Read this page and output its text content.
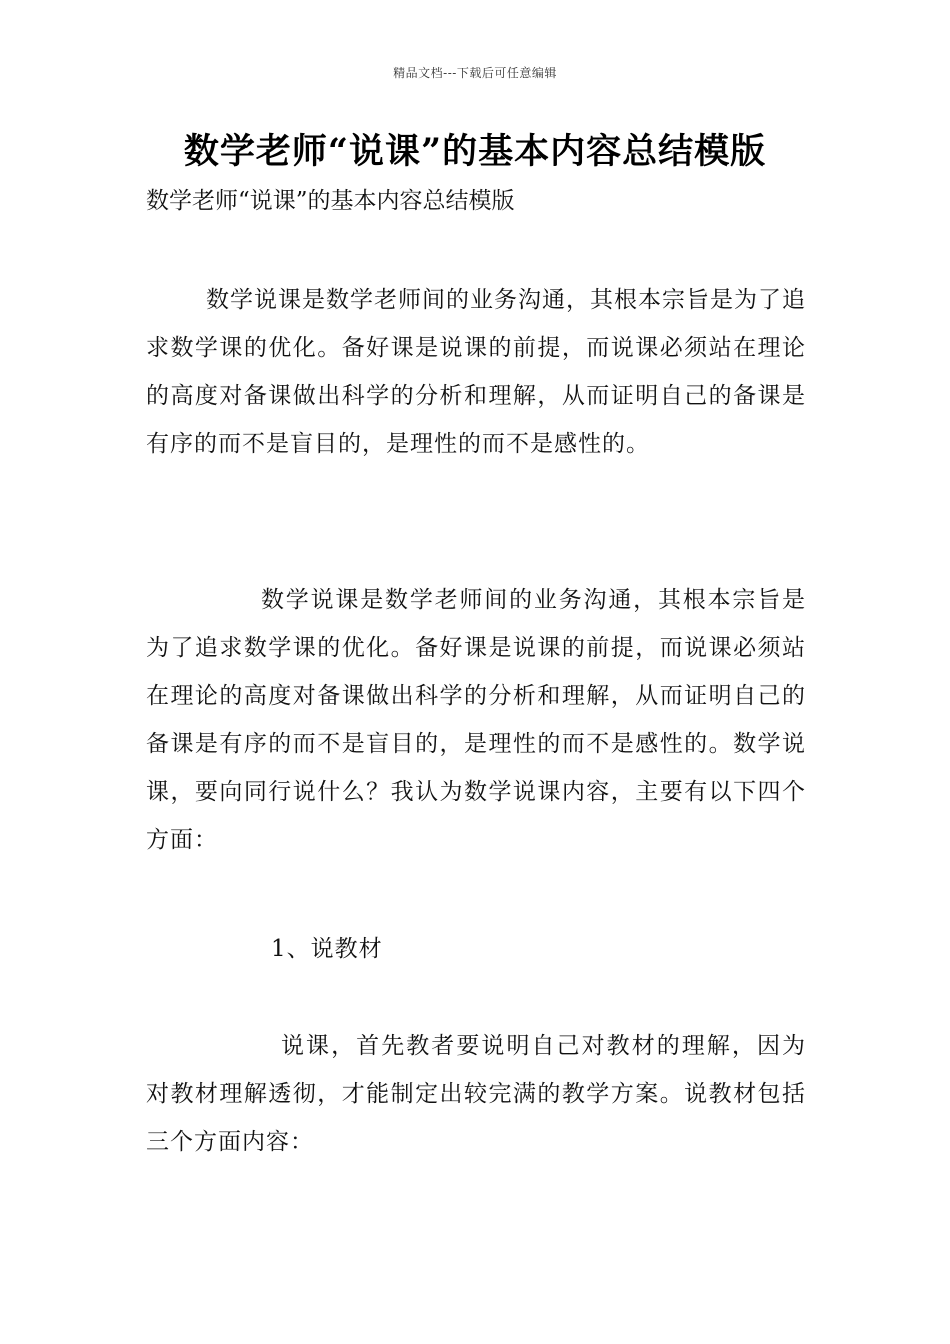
精品文档---下载后可任意编辑
数学老师“说课”的基本内容总结模版
数学老师“说课”的基本内容总结模版

数学说课是数学老师间的业务沟通，其根本宗旨是为了追求数学课的优化。备好课是说课的前提，而说课必须站在理论的高度对备课做出科学的分析和理解，从而证明自己的备课是有序的而不是盲目的，是理性的而不是感性的。

数学说课是数学老师间的业务沟通，其根本宗旨是为了追求数学课的优化。备好课是说课的前提，而说课必须站在理论的高度对备课做出科学的分析和理解，从而证明自己的备课是有序的而不是盲目的，是理性的而不是感性的。数学说课，要向同行说什么？我认为数学说课内容，主要有以下四个方面：

1、说教材

说课，首先教者要说明自己对教材的理解，因为对教材理解透彻，才能制定出较完满的教学方案。说教材包括三个方面内容：
